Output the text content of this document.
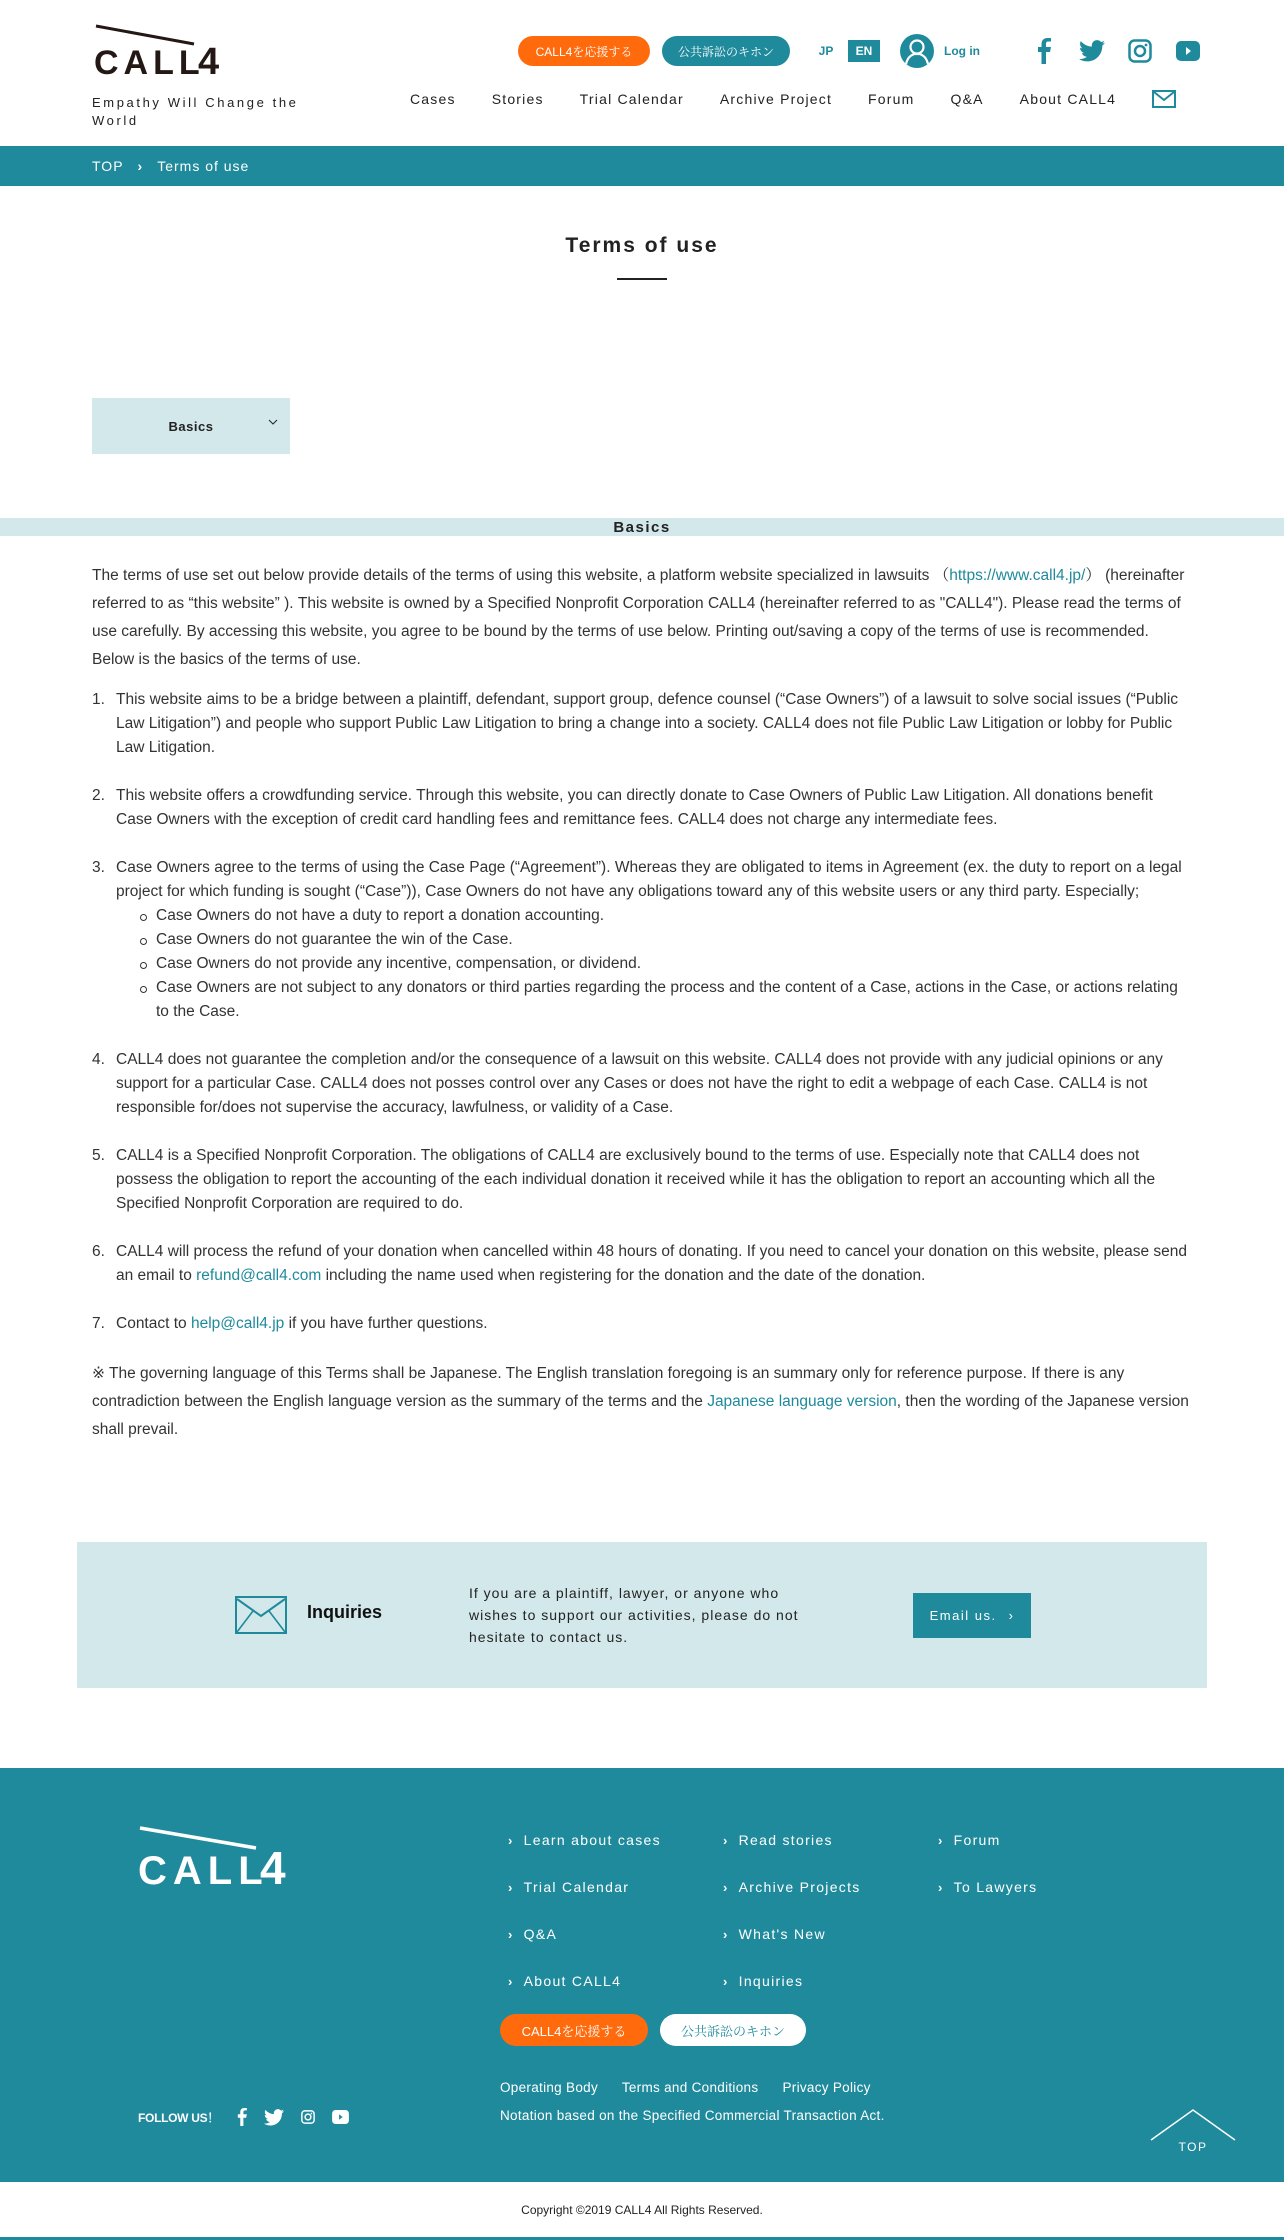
CALL
4
Empathy Will Change the World
CALL4を応援する	公共訴訟のキホン	JP	EN	Log in
Cases	Stories	Trial Calendar	Archive Project	Forum	Q&A	About CALL4
TOP › Terms of use
Terms of use
Basics
Basics

The terms of use set out below provide details of the terms of using this website, a platform website specialized in lawsuits （https://www.call4.jp/） (hereinafter referred to as “this website” ). This website is owned by a Specified Nonprofit Corporation CALL4 (hereinafter referred to as "CALL4"). Please read the terms of use carefully. By accessing this website, you agree to be bound by the terms of use below. Printing out/saving a copy of the terms of use is recommended. Below is the basics of the terms of use.

1. This website aims to be a bridge between a plaintiff, defendant, support group, defence counsel (“Case Owners”) of a lawsuit to solve social issues (“Public Law Litigation”) and people who support Public Law Litigation to bring a change into a society. CALL4 does not file Public Law Litigation or lobby for Public Law Litigation.
2. This website offers a crowdfunding service. Through this website, you can directly donate to Case Owners of Public Law Litigation. All donations benefit Case Owners with the exception of credit card handling fees and remittance fees. CALL4 does not charge any intermediate fees.
3. Case Owners agree to the terms of using the Case Page (“Agreement”). Whereas they are obligated to items in Agreement (ex. the duty to report on a legal project for which funding is sought (“Case”)), Case Owners do not have any obligations toward any of this website users or any third party. Especially;
Case Owners do not have a duty to report a donation accounting.
Case Owners do not guarantee the win of the Case.
Case Owners do not provide any incentive, compensation, or dividend.
Case Owners are not subject to any donators or third parties regarding the process and the content of a Case, actions in the Case, or actions relating to the Case.
4. CALL4 does not guarantee the completion and/or the consequence of a lawsuit on this website. CALL4 does not provide with any judicial opinions or any support for a particular Case. CALL4 does not posses control over any Cases or does not have the right to edit a webpage of each Case. CALL4 is not responsible for/does not supervise the accuracy, lawfulness, or validity of a Case.
5. CALL4 is a Specified Nonprofit Corporation. The obligations of CALL4 are exclusively bound to the terms of use. Especially note that CALL4 does not possess the obligation to report the accounting of the each individual donation it received while it has the obligation to report an accounting which all the Specified Nonprofit Corporation are required to do.
6. CALL4 will process the refund of your donation when cancelled within 48 hours of donating. If you need to cancel your donation on this website, please send an email to refund@call4.com including the name used when registering for the donation and the date of the donation.
7. Contact to help@call4.jp if you have further questions.

※ The governing language of this Terms shall be Japanese. The English translation foregoing is an summary only for reference purpose. If there is any contradiction between the English language version as the summary of the terms and the Japanese language version, then the wording of the Japanese version shall prevail.

Inquiries

If you are a plaintiff, lawyer, or anyone who wishes to support our activities, please do not hesitate to contact us.

Email us. ›
CALL
4
› Learn about cases	› Read stories	› Forum
› Trial Calendar	› Archive Projects	› To Lawyers
› Q&A	› What's New
› About CALL4	› Inquiries
CALL4を応援する	公共訴訟のキホン
Operating Body Terms and Conditions Privacy Policy
Notation based on the Specified Commercial Transaction Act.
FOLLOW US！
TOP
Copyright ©2019 CALL4 All Rights Reserved.
